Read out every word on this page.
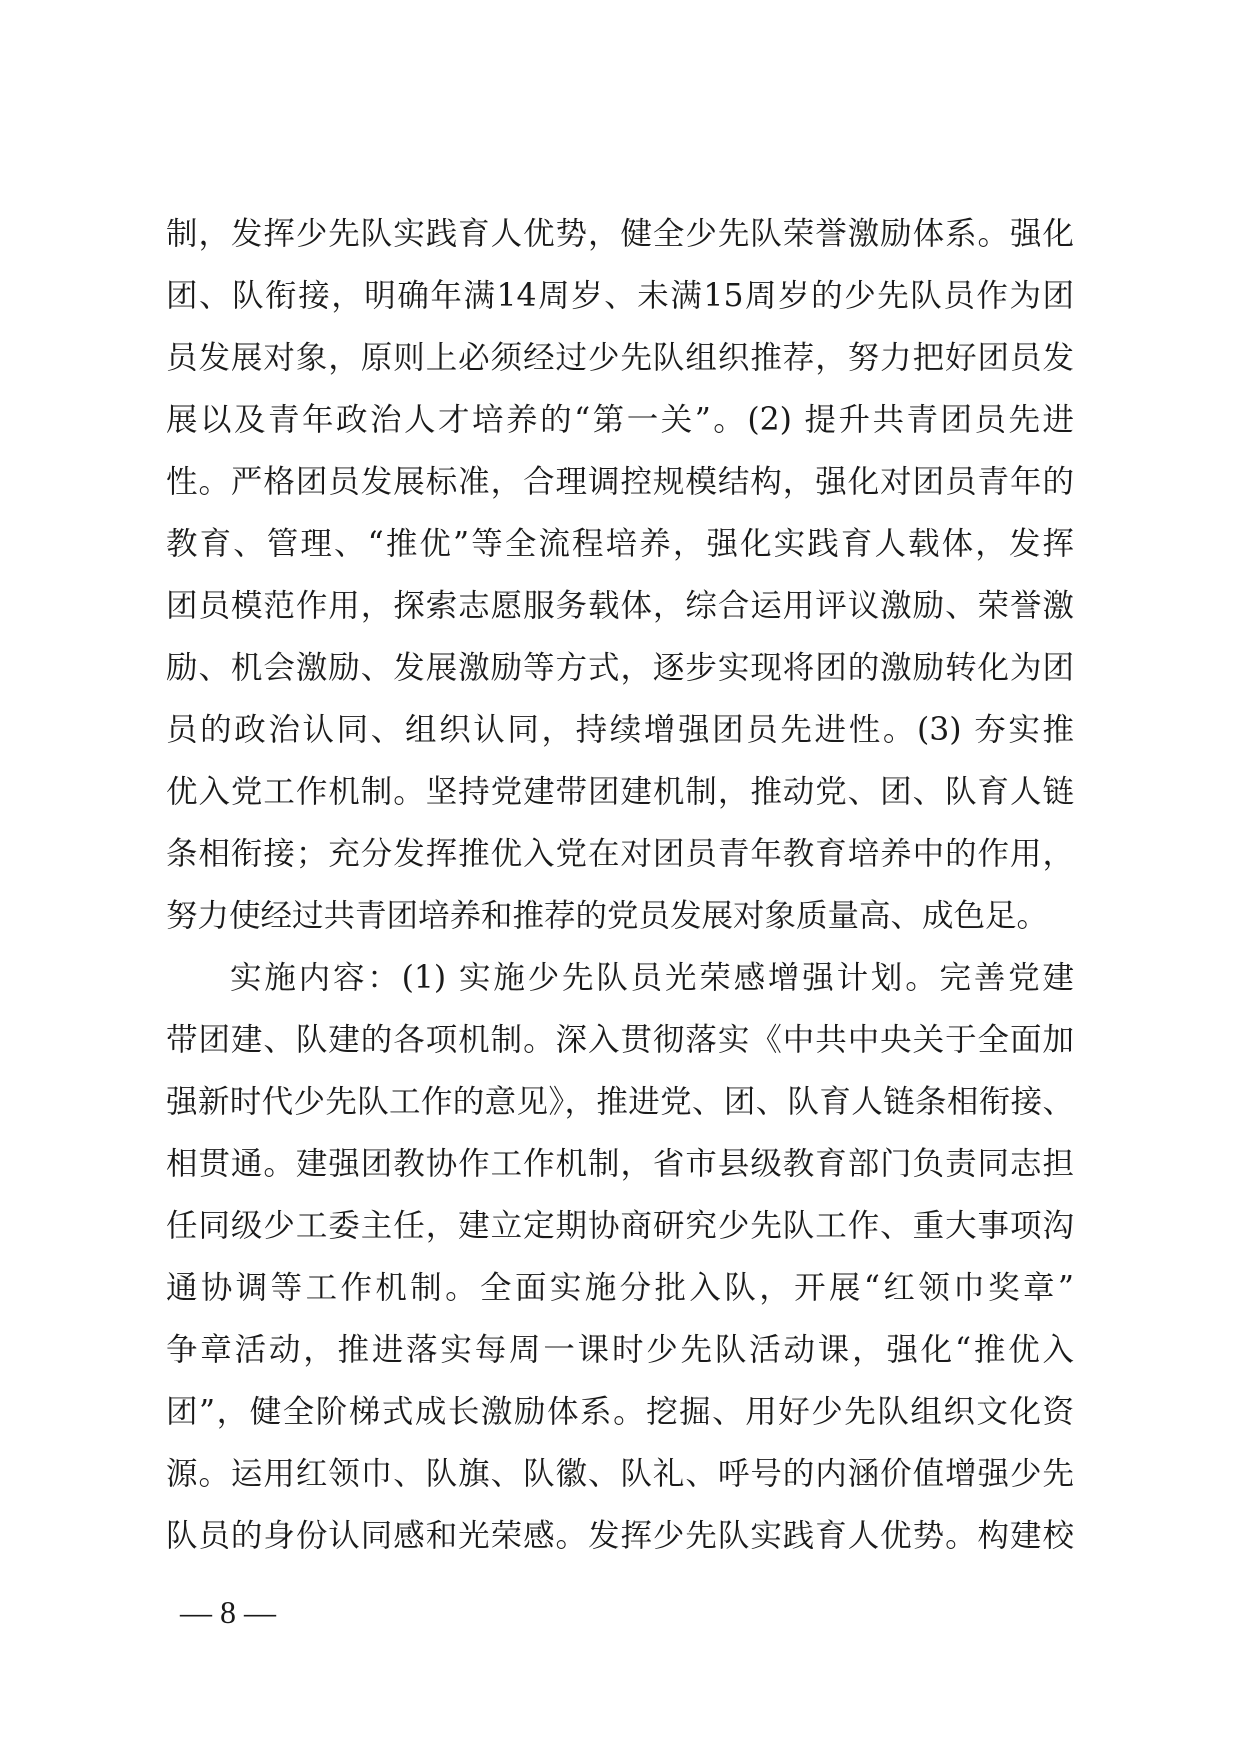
制，发挥少先队实践育人优势，健全少先队荣誉激励体系。强化
团、队衔接，明确年满14周岁、未满15周岁的少先队员作为团
员发展对象，原则上必须经过少先队组织推荐，努力把好团员发
展以及青年政治人才培养的“第一关”。(2) 提升共青团员先进
性。严格团员发展标准，合理调控规模结构，强化对团员青年的
教育、管理、“推优”等全流程培养，强化实践育人载体，发挥
团员模范作用，探索志愿服务载体，综合运用评议激励、荣誉激
励、机会激励、发展激励等方式，逐步实现将团的激励转化为团
员的政治认同、组织认同，持续增强团员先进性。(3) 夯实推
优入党工作机制。坚持党建带团建机制，推动党、团、队育人链
条相衔接；充分发挥推优入党在对团员青年教育培养中的作用，
努力使经过共青团培养和推荐的党员发展对象质量高、成色足。
实施内容：(1) 实施少先队员光荣感增强计划。完善党建
带团建、队建的各项机制。深入贯彻落实《中共中央关于全面加
强新时代少先队工作的意见》，推进党、团、队育人链条相衔接、
相贯通。建强团教协作工作机制，省市县级教育部门负责同志担
任同级少工委主任，建立定期协商研究少先队工作、重大事项沟
通协调等工作机制。全面实施分批入队，开展“红领巾奖章”
争章活动，推进落实每周一课时少先队活动课，强化“推优入
团”，健全阶梯式成长激励体系。挖掘、用好少先队组织文化资
源。运用红领巾、队旗、队徽、队礼、呼号的内涵价值增强少先
队员的身份认同感和光荣感。发挥少先队实践育人优势。构建校
— 8 —
